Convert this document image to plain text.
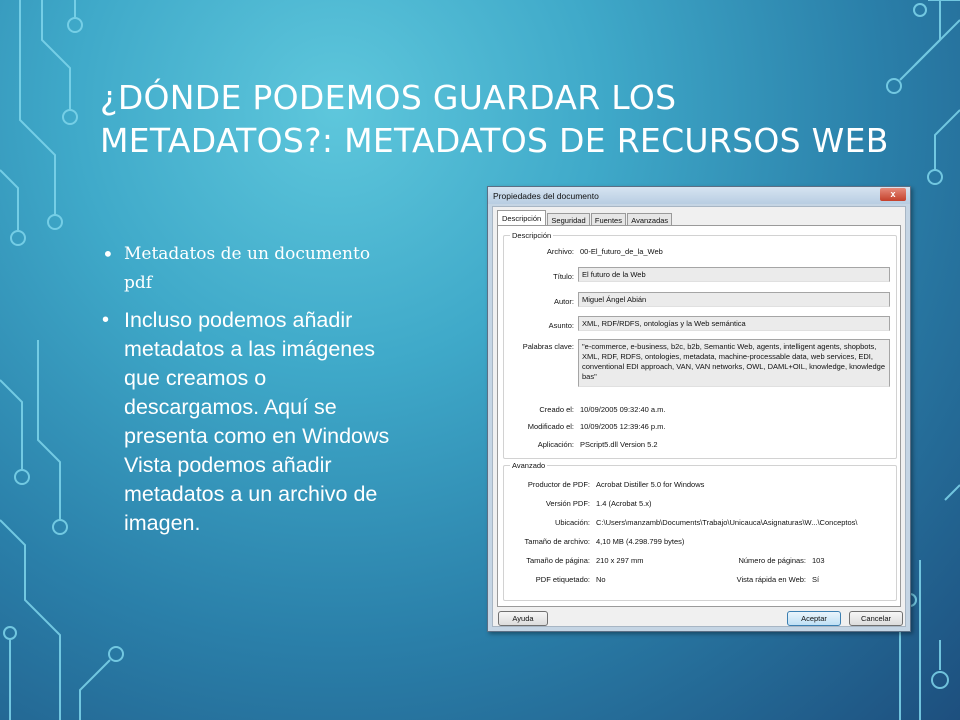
¿DÓNDE PODEMOS GUARDAR LOS METADATOS?: METADATOS DE RECURSOS WEB
• Metadatos de un documento pdf
• Incluso podemos añadir metadatos a las imágenes que creamos o descargamos. Aquí se presenta como en Windows Vista podemos añadir metadatos a un archivo de imagen.
Propiedades del documento	x
Descripción Seguridad Fuentes Avanzadas
Descripción
Archivo: 00-El_futuro_de_la_Web
Título:	El futuro de la Web
Autor:	Miguel Ángel Abián
Asunto:	XML, RDF/RDFS, ontologías y la Web semántica
Palabras clave:	"e-commerce, e-business, b2c, b2b, Semantic Web, agents, intelligent agents, shopbots, XML, RDF, RDFS, ontologies, metadata, machine-processable data, web services, EDI, conventional EDI approach, VAN, VAN networks, OWL, DAML+OIL, knowledge, knowledge bas"
Creado el: 10/09/2005 09:32:40 a.m.
Modificado el: 10/09/2005 12:39:46 p.m.
Aplicación: PScript5.dll Version 5.2
Avanzado
Productor de PDF: Acrobat Distiller 5.0 for Windows
Versión PDF: 1.4 (Acrobat 5.x)
Ubicación: C:\Users\manzamb\Documents\Trabajo\Unicauca\Asignaturas\W...\Conceptos\
Tamaño de archivo: 4,10 MB (4.298.799 bytes)
Tamaño de página: 210 x 297 mm	Número de páginas: 103
PDF etiquetado: No	Vista rápida en Web: Sí
Ayuda	Aceptar	Cancelar
